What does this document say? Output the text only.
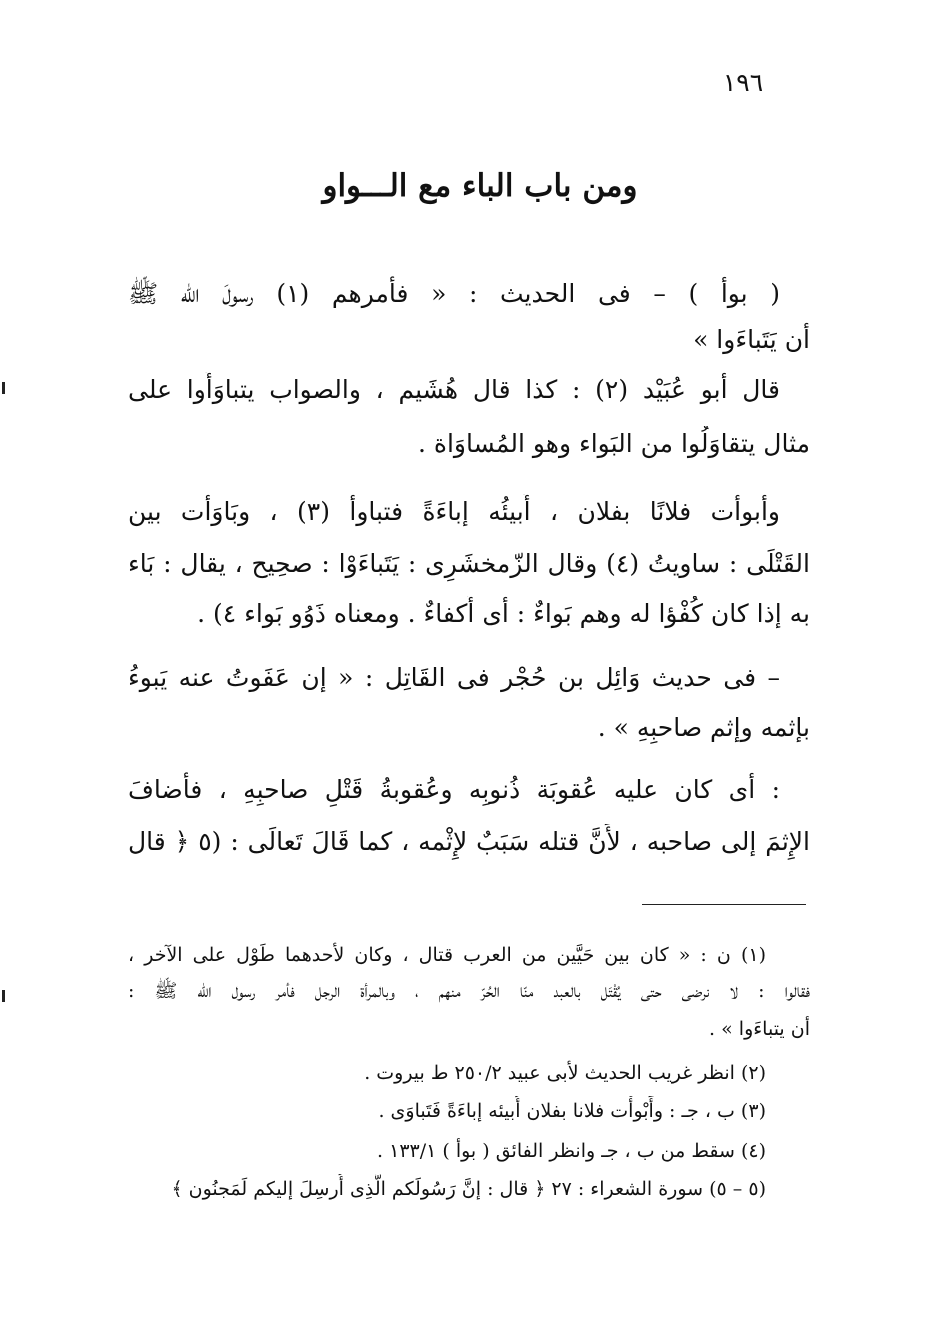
١٩٦
ومن باب الباء مع الـــواو
( بوأ ) – فى الحديث : « فأمرهم (١) رسولَ الله ﷺ
أن يَتَباءَوا »
قال أبو عُبَيْد (٢) : كذا قال هُشَيم ، والصواب يتباوَأُوا على
مثال يتقاوَلُوا من البَواء وهو المُساوَاة .
وأبوأْت فلانًا بفلان ، أُبيئُه إباءَةً فتباوأ (٣) ، وبَاوَأْت بين
القَتْلَى : ساويتُ (٤) وقال الزّمخشَرِى : يَتَباءَوْا : صحِيح ، يقال : بَاء
به إذا كان كُفْؤا له وهم بَواءٌ : أى أَكفاءٌ . ومعناه ذَوُو بَواء ٤) .
– فى حديث وَائِل بن حُجْر فى القَاتِل : « إن عَفَوتُ عنه يَبوءُ
بإثمه وإثم صاحبِهِ » .
: أى كان عليه عُقوبَة ذُنوبِه وعُقوبةُ قَتْلِ صاحبِهِ ، فأَضافَ
الإِثمَ إلى صاحبه ، لأَنَّ قتله سَبَبٌ لإِثْمه ، كما قَالَ تَعالَى : (٥ ﴿ قال
(١) ن : « كان بين حَيَّين من العرب قتال ، وكان لأحدهما طَوْل على الآخر ،
فقالوا : لا نرضى حتى يُقْتَل بالعبد منّا الحُرّ منهم ، وبالمرأة الرجل فأمر رسول الله ﷺ :
أن يتباءَوا » .
(٢) انظر غريب الحديث لأبى عبيد ٢٥٠/٢ ط بيروت .
(٣) ب ، جـ : وأَبْوأْت فلانا بفلان أُبيئه إباءَةً فَتَباوَى .
(٤) سقط من ب ، جـ وانظر الفائق ( بوأ ) ١٣٣/١ .
(٥ – ٥) سورة الشعراء : ٢٧ ﴿ قال : إنَّ رَسُولَكم الَّذِى أُرسِلَ إليكم لَمَجنُون ﴾
